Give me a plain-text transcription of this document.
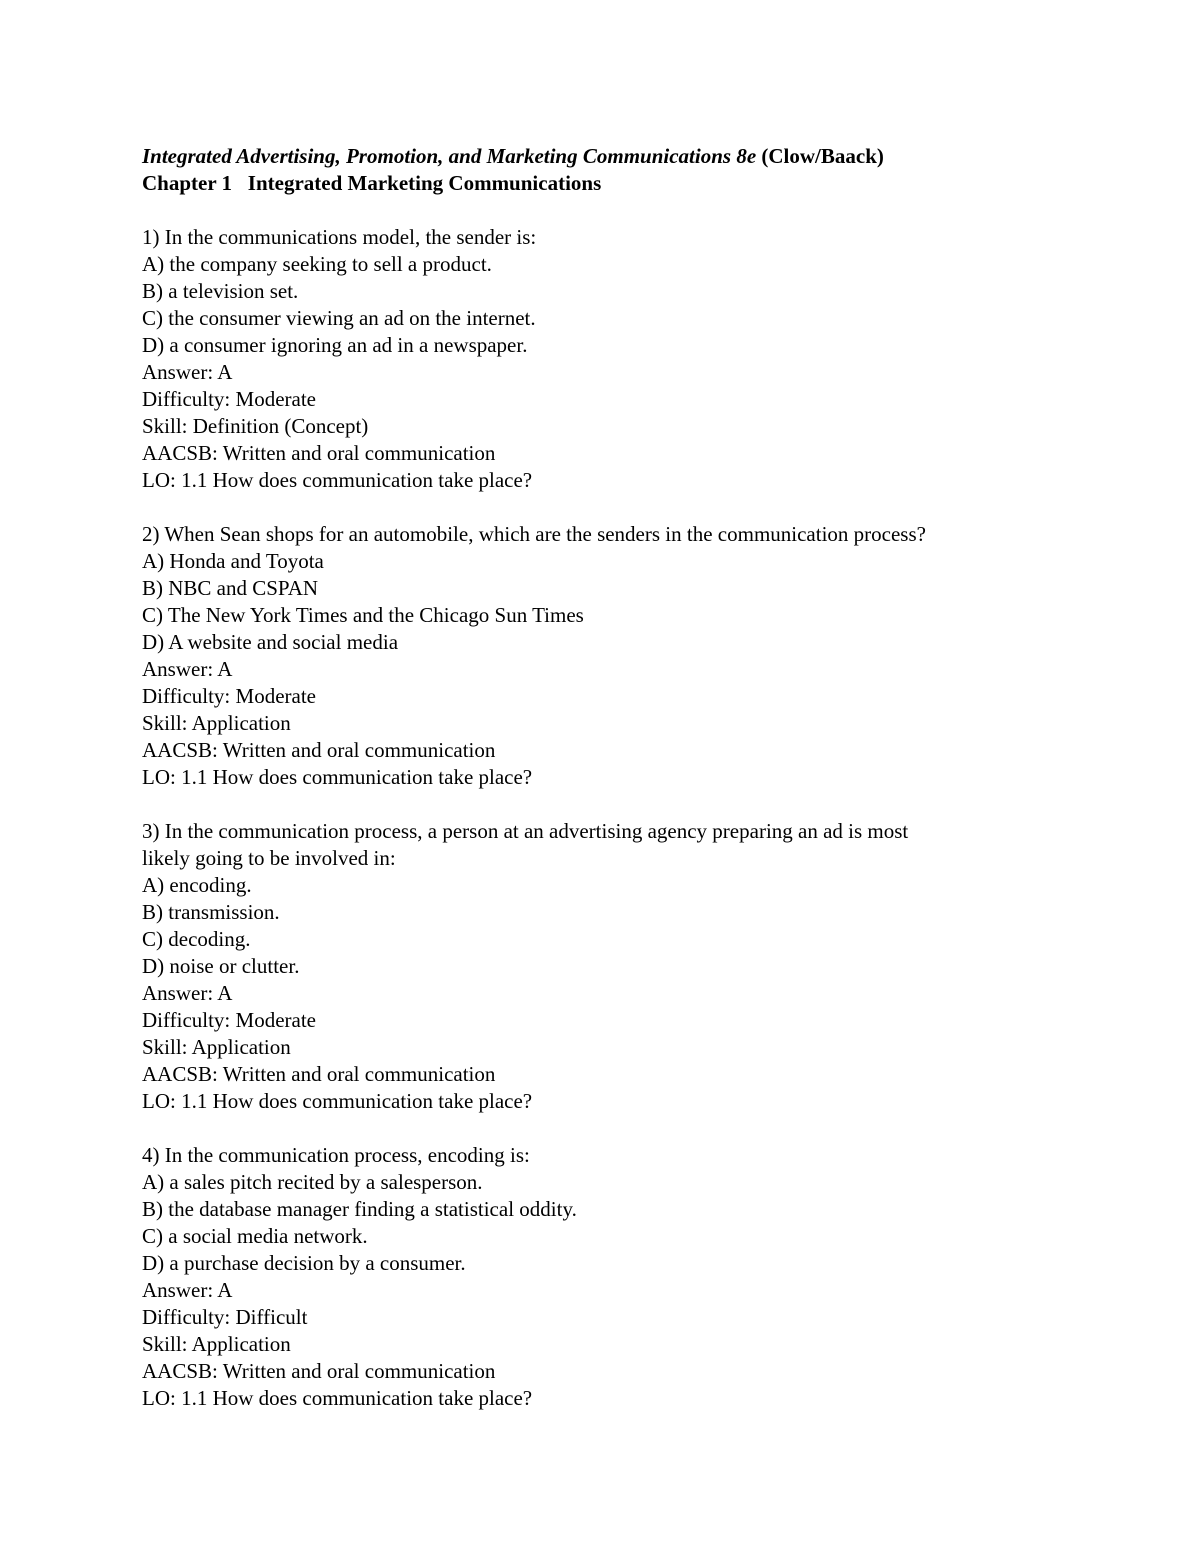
Integrated Advertising, Promotion, and Marketing Communications 8e (Clow/Baack)
Chapter 1 Integrated Marketing Communications
1) In the communications model, the sender is:
A) the company seeking to sell a product.
B) a television set.
C) the consumer viewing an ad on the internet.
D) a consumer ignoring an ad in a newspaper.
Answer: A
Difficulty: Moderate
Skill: Definition (Concept)
AACSB: Written and oral communication
LO: 1.1 How does communication take place?
2) When Sean shops for an automobile, which are the senders in the communication process?
A) Honda and Toyota
B) NBC and CSPAN
C) The New York Times and the Chicago Sun Times
D) A website and social media
Answer: A
Difficulty: Moderate
Skill: Application
AACSB: Written and oral communication
LO: 1.1 How does communication take place?
3) In the communication process, a person at an advertising agency preparing an ad is most
likely going to be involved in:
A) encoding.
B) transmission.
C) decoding.
D) noise or clutter.
Answer: A
Difficulty: Moderate
Skill: Application
AACSB: Written and oral communication
LO: 1.1 How does communication take place?
4) In the communication process, encoding is:
A) a sales pitch recited by a salesperson.
B) the database manager finding a statistical oddity.
C) a social media network.
D) a purchase decision by a consumer.
Answer: A
Difficulty: Difficult
Skill: Application
AACSB: Written and oral communication
LO: 1.1 How does communication take place?
